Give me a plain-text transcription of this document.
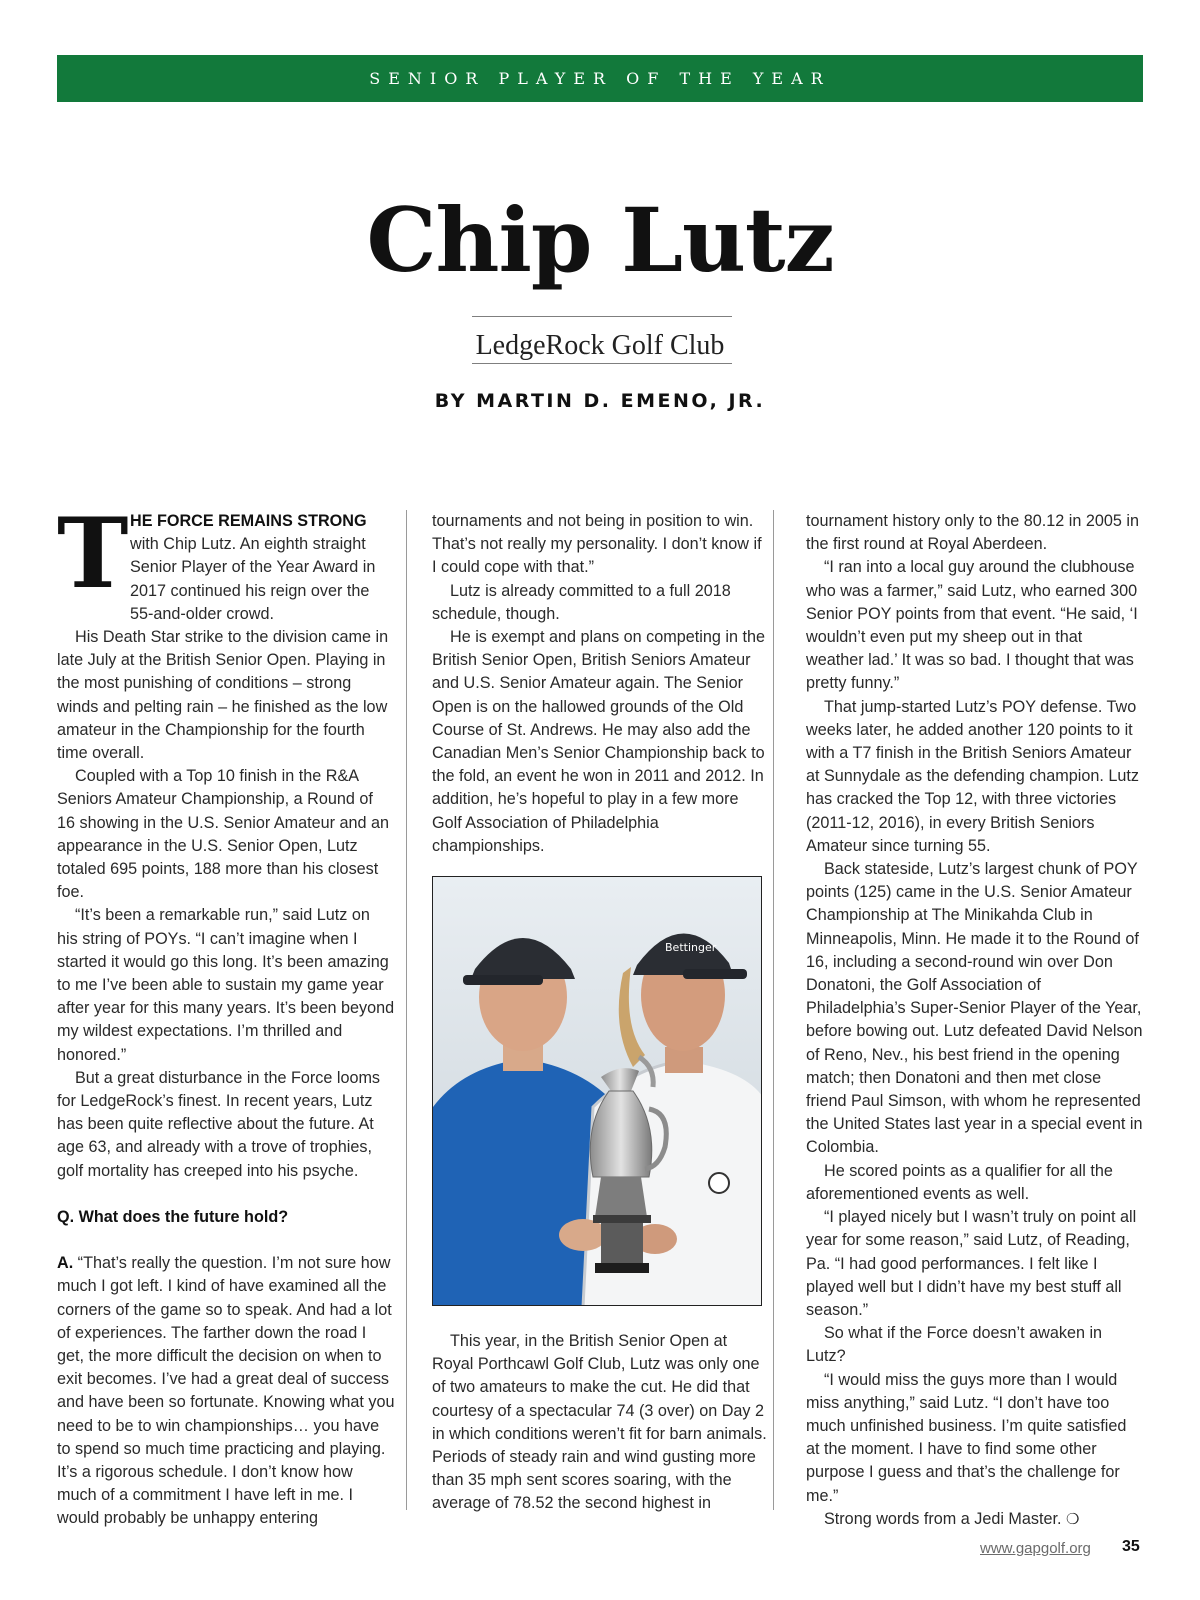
SENIOR PLAYER OF THE YEAR
Chip Lutz
LedgeRock Golf Club
BY MARTIN D. EMENO, JR.

T HE FORCE REMAINS STRONG with Chip Lutz. An eighth straight Senior Player of the Year Award in 2017 continued his reign over the 55-and-older crowd.

His Death Star strike to the division came in late July at the British Senior Open. Playing in the most punishing of conditions – strong winds and pelting rain – he finished as the low amateur in the Championship for the fourth time overall.

Coupled with a Top 10 finish in the R&A Seniors Amateur Championship, a Round of 16 showing in the U.S. Senior Amateur and an appearance in the U.S. Senior Open, Lutz totaled 695 points, 188 more than his closest foe.

“It’s been a remarkable run,” said Lutz on his string of POYs. “I can’t imagine when I started it would go this long. It’s been amazing to me I’ve been able to sustain my game year after year for this many years. It’s been beyond my wildest expectations. I’m thrilled and honored.”

But a great disturbance in the Force looms for LedgeRock’s finest. In recent years, Lutz has been quite reflective about the future. At age 63, and already with a trove of trophies, golf mortality has creeped into his psyche.

Q. What does the future hold?

A. “That’s really the question. I’m not sure how much I got left. I kind of have examined all the corners of the game so to speak. And had a lot of experiences. The farther down the road I get, the more difficult the decision on when to exit becomes. I’ve had a great deal of success and have been so fortunate. Knowing what you need to be to win championships… you have to spend so much time practicing and playing. It’s a rigorous schedule. I don’t know how much of a commitment I have left in me. I would probably be unhappy entering

tournaments and not being in position to win. That’s not really my personality. I don’t know if I could cope with that.”

Lutz is already committed to a full 2018 schedule, though.

He is exempt and plans on competing in the British Senior Open, British Seniors Amateur and U.S. Senior Amateur again. The Senior Open is on the hallowed grounds of the Old Course of St. Andrews. He may also add the Canadian Men’s Senior Championship back to the fold, an event he won in 2011 and 2012. In addition, he’s hopeful to play in a few more Golf Association of Philadelphia championships.

Bettinger

This year, in the British Senior Open at Royal Porthcawl Golf Club, Lutz was only one of two amateurs to make the cut. He did that courtesy of a spectacular 74 (3 over) on Day 2 in which conditions weren’t fit for barn animals. Periods of steady rain and wind gusting more than 35 mph sent scores soaring, with the average of 78.52 the second highest in

tournament history only to the 80.12 in 2005 in the first round at Royal Aberdeen.

“I ran into a local guy around the clubhouse who was a farmer,” said Lutz, who earned 300 Senior POY points from that event. “He said, ‘I wouldn’t even put my sheep out in that weather lad.’ It was so bad. I thought that was pretty funny.”

That jump-started Lutz’s POY defense. Two weeks later, he added another 120 points to it with a T7 finish in the British Seniors Amateur at Sunnydale as the defending champion. Lutz has cracked the Top 12, with three victories (2011-12, 2016), in every British Seniors Amateur since turning 55.

Back stateside, Lutz’s largest chunk of POY points (125) came in the U.S. Senior Amateur Championship at The Minikahda Club in Minneapolis, Minn. He made it to the Round of 16, including a second-round win over Don Donatoni, the Golf Association of Philadelphia’s Super-Senior Player of the Year, before bowing out. Lutz defeated David Nelson of Reno, Nev., his best friend in the opening match; then Donatoni and then met close friend Paul Simson, with whom he represented the United States last year in a special event in Colombia.

He scored points as a qualifier for all the aforementioned events as well.

“I played nicely but I wasn’t truly on point all year for some reason,” said Lutz, of Reading, Pa. “I had good performances. I felt like I played well but I didn’t have my best stuff all season.”

So what if the Force doesn’t awaken in Lutz?

“I would miss the guys more than I would miss anything,” said Lutz. “I don’t have too much unfinished business. I’m quite satisfied at the moment. I have to find some other purpose I guess and that’s the challenge for me.”

Strong words from a Jedi Master. ❍

www.gapgolf.org 35
